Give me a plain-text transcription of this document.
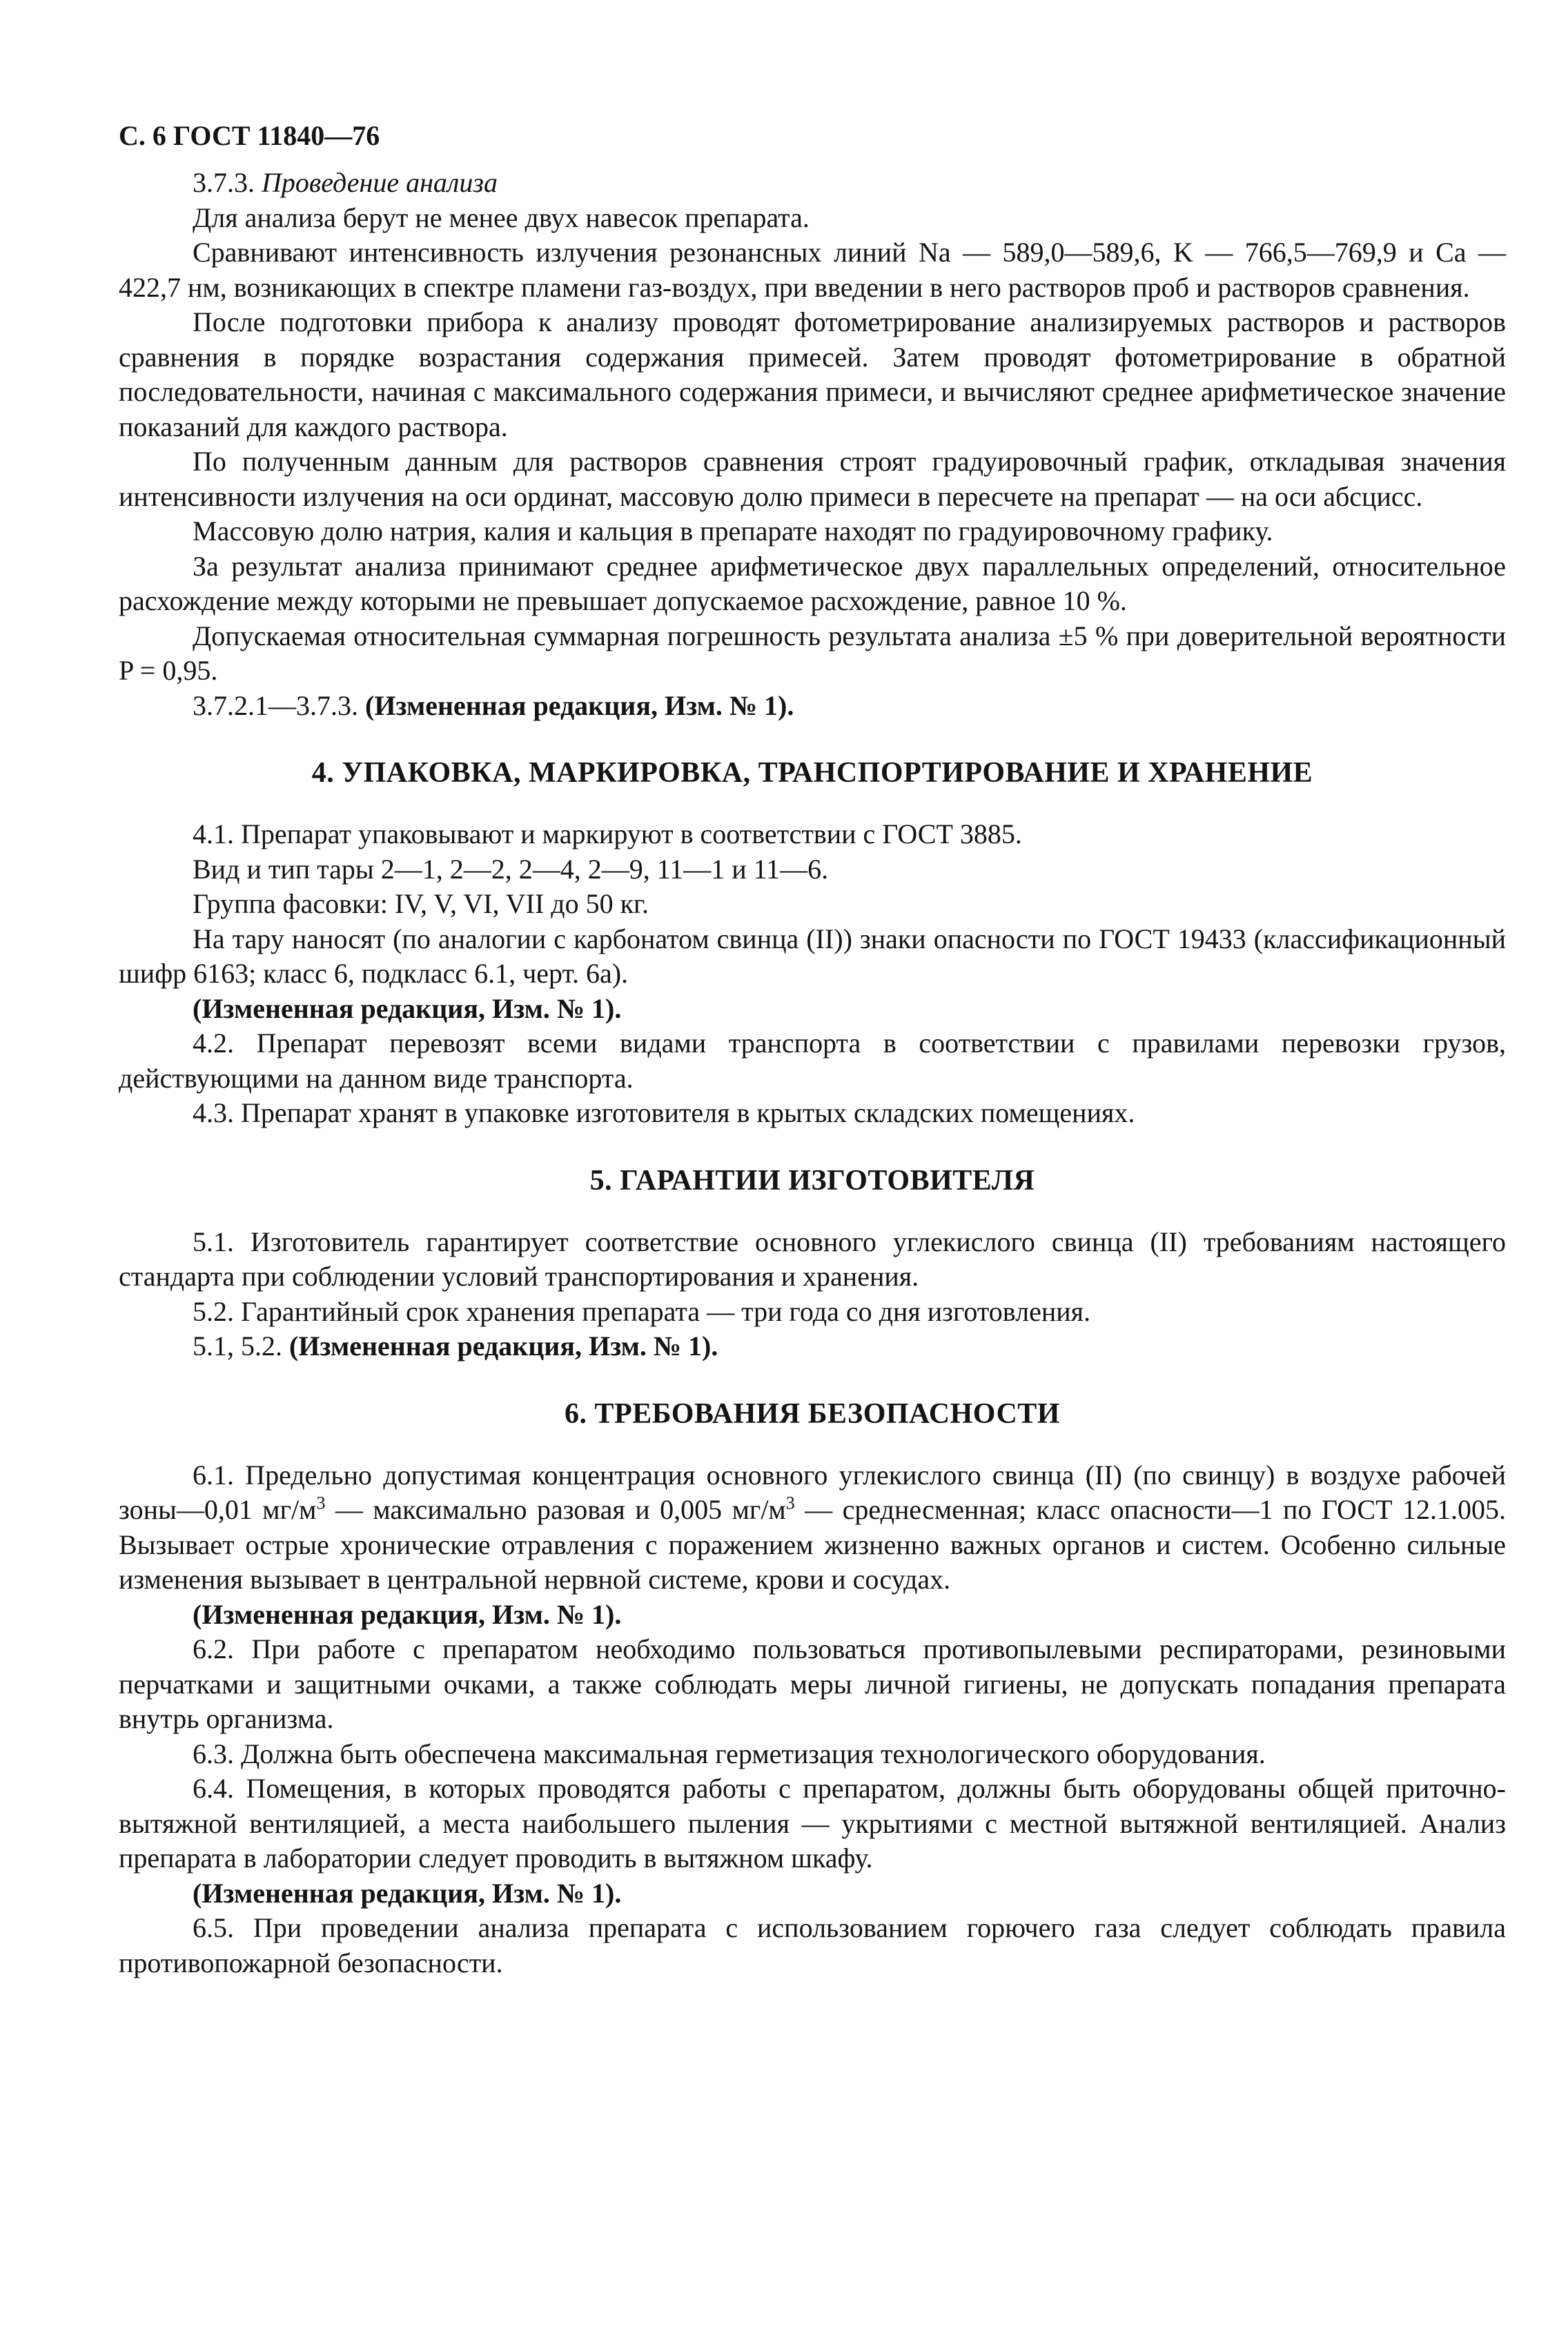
С. 6 ГОСТ 11840—76

3.7.3. Проведение анализа

Для анализа берут не менее двух навесок препарата.

Сравнивают интенсивность излучения резонансных линий Na — 589,0—589,6, K — 766,5—769,9 и Ca — 422,7 нм, возникающих в спектре пламени газ-воздух, при введении в него растворов проб и растворов сравнения.

После подготовки прибора к анализу проводят фотометрирование анализируемых растворов и растворов сравнения в порядке возрастания содержания примесей. Затем проводят фотометрирование в обратной последовательности, начиная с максимального содержания примеси, и вычисляют среднее арифметическое значение показаний для каждого раствора.

По полученным данным для растворов сравнения строят градуировочный график, откладывая значения интенсивности излучения на оси ординат, массовую долю примеси в пересчете на препарат — на оси абсцисс.

Массовую долю натрия, калия и кальция в препарате находят по градуировочному графику.

За результат анализа принимают среднее арифметическое двух параллельных определений, относительное расхождение между которыми не превышает допускаемое расхождение, равное 10 %.

Допускаемая относительная суммарная погрешность результата анализа ±5 % при доверительной вероятности P = 0,95.

3.7.2.1—3.7.3. (Измененная редакция, Изм. № 1).

4. УПАКОВКА, МАРКИРОВКА, ТРАНСПОРТИРОВАНИЕ И ХРАНЕНИЕ

4.1. Препарат упаковывают и маркируют в соответствии с ГОСТ 3885.

Вид и тип тары 2—1, 2—2, 2—4, 2—9, 11—1 и 11—6.

Группа фасовки: IV, V, VI, VII до 50 кг.

На тару наносят (по аналогии с карбонатом свинца (II)) знаки опасности по ГОСТ 19433 (классификационный шифр 6163; класс 6, подкласс 6.1, черт. 6а).

(Измененная редакция, Изм. № 1).

4.2. Препарат перевозят всеми видами транспорта в соответствии с правилами перевозки грузов, действующими на данном виде транспорта.

4.3. Препарат хранят в упаковке изготовителя в крытых складских помещениях.

5. ГАРАНТИИ ИЗГОТОВИТЕЛЯ

5.1. Изготовитель гарантирует соответствие основного углекислого свинца (II) требованиям настоящего стандарта при соблюдении условий транспортирования и хранения.

5.2. Гарантийный срок хранения препарата — три года со дня изготовления.

5.1, 5.2. (Измененная редакция, Изм. № 1).

6. ТРЕБОВАНИЯ БЕЗОПАСНОСТИ

6.1. Предельно допустимая концентрация основного углекислого свинца (II) (по свинцу) в воздухе рабочей зоны—0,01 $мг/м^3$ — максимально разовая и 0,005 $мг/м^3$ — среднесменная; класс опасности—1 по ГОСТ 12.1.005. Вызывает острые хронические отравления с поражением жизненно важных органов и систем. Особенно сильные изменения вызывает в центральной нервной системе, крови и сосудах.

(Измененная редакция, Изм. № 1).

6.2. При работе с препаратом необходимо пользоваться противопылевыми респираторами, резиновыми перчатками и защитными очками, а также соблюдать меры личной гигиены, не допускать попадания препарата внутрь организма.

6.3. Должна быть обеспечена максимальная герметизация технологического оборудования.

6.4. Помещения, в которых проводятся работы с препаратом, должны быть оборудованы общей приточно-вытяжной вентиляцией, а места наибольшего пыления — укрытиями с местной вытяжной вентиляцией. Анализ препарата в лаборатории следует проводить в вытяжном шкафу.

(Измененная редакция, Изм. № 1).

6.5. При проведении анализа препарата с использованием горючего газа следует соблюдать правила противопожарной безопасности.
